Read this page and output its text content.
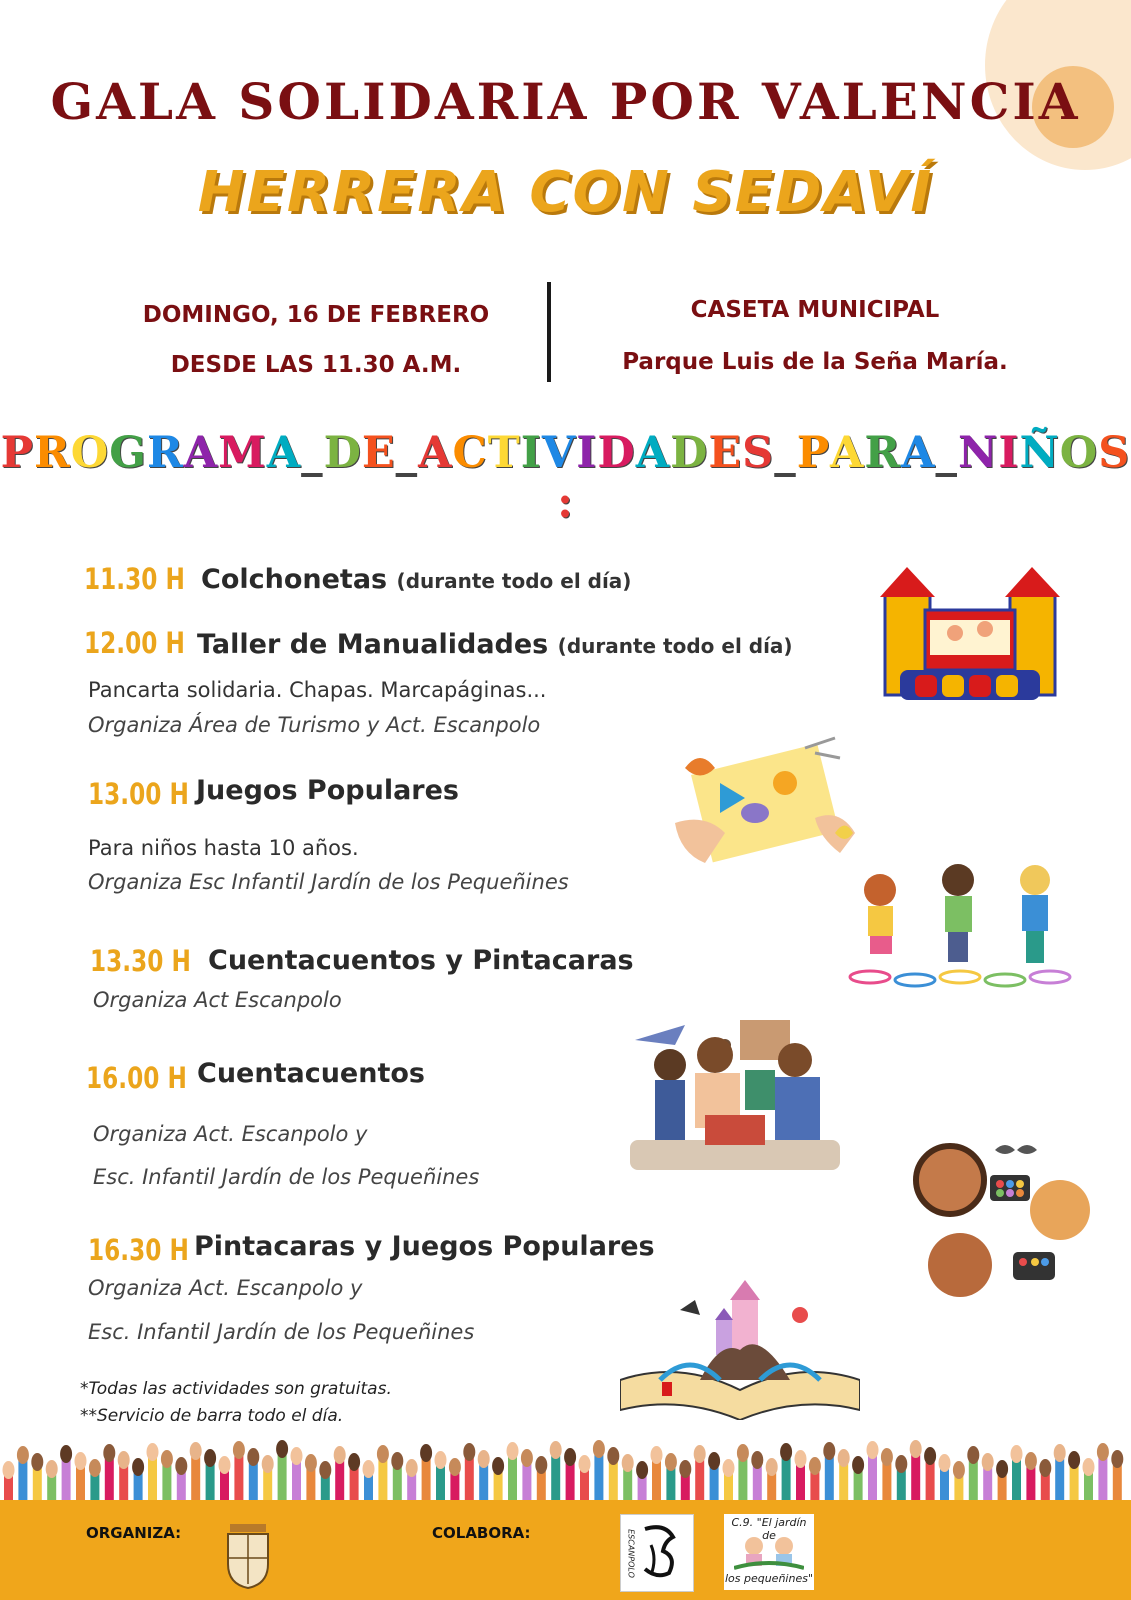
GALA SOLIDARIA POR VALENCIA
HERRERA CON SEDAVÍ
DOMINGO, 16 DE FEBRERO
DESDE LAS 11.30 A.M.
CASETA MUNICIPAL
Parque Luis de la Seña María.
PROGRAMA_DE_ACTIVIDADES_PARA_NIÑOS:
11.30 H Colchonetas (durante todo el día)
12.00 H Taller de Manualidades (durante todo el día)
Pancarta solidaria. Chapas. Marcapáginas...
Organiza Área de Turismo y Act. Escanpolo
13.00 H Juegos Populares
Para niños hasta 10 años.
Organiza Esc Infantil Jardín de los Pequeñines
13.30 H Cuentacuentos y Pintacaras
Organiza Act Escanpolo
16.00 H Cuentacuentos
Organiza Act. Escanpolo y
Esc. Infantil Jardín de los Pequeñines
16.30 H Pintacaras y Juegos Populares
Organiza Act. Escanpolo y
Esc. Infantil Jardín de los Pequeñines
*Todas las actividades son gratuitas.
**Servicio de barra todo el día.
ORGANIZA:	COLABORA:	ESCANPOLO
C.9. "El jardín de
los pequeñines"
